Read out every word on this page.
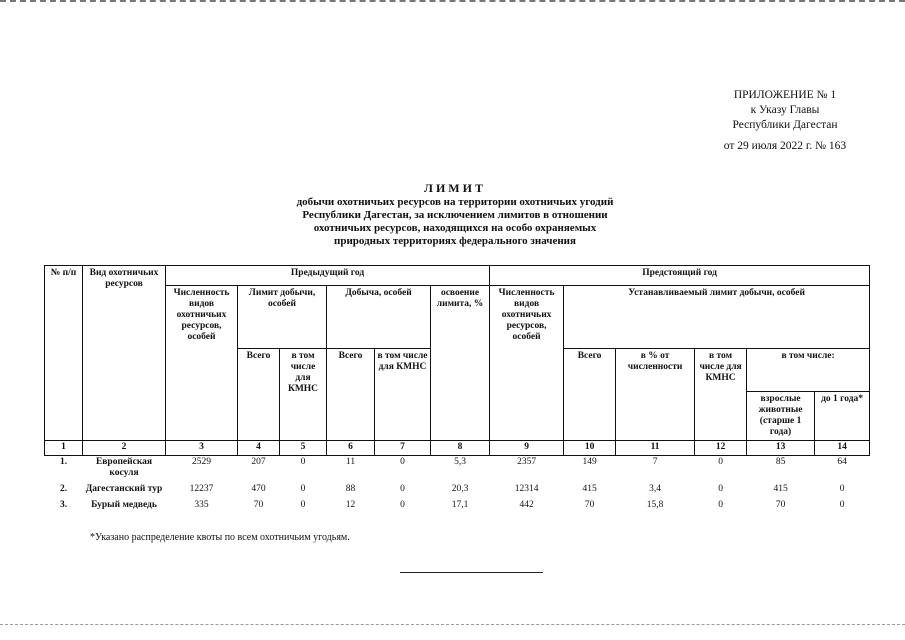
ПРИЛОЖЕНИЕ № 1
к Указу Главы
Республики Дагестан
от 29 июля 2022 г. № 163
ЛИМИТ
добычи охотничьих ресурсов на территории охотничьих угодий
Республики Дагестан, за исключением лимитов в отношении
охотничьих ресурсов, находящихся на особо охраняемых
природных территориях федерального значения
№ п/п	Вид охотничьих ресурсов	Предыдущий год						Предстоящий год					
		Численность видов охотничьих ресурсов, особей	Лимит добычи, особей		Добыча, особей		освоение лимита, %	Численность видов охотничьих ресурсов, особей	Устанавливаемый лимит добычи, особей				
			Всего	в том числе для КМНС	Всего	в том числе для КМНС			Всего	в % от численности	в том числе для КМНС	в том числе:	
												взрослые животные (старше 1 года)	до 1 года*
1	2	3	4	5	6	7	8	9	10	11	12	13	14
1.	Европейская косуля	2529	207	0	11	0	5,3	2357	149	7	0	85	64
2.	Дагестанский тур	12237	470	0	88	0	20,3	12314	415	3,4	0	415	0
3.	Бурый медведь	335	70	0	12	0	17,1	442	70	15,8	0	70	0
*Указано распределение квоты по всем охотничьим угодьям.
